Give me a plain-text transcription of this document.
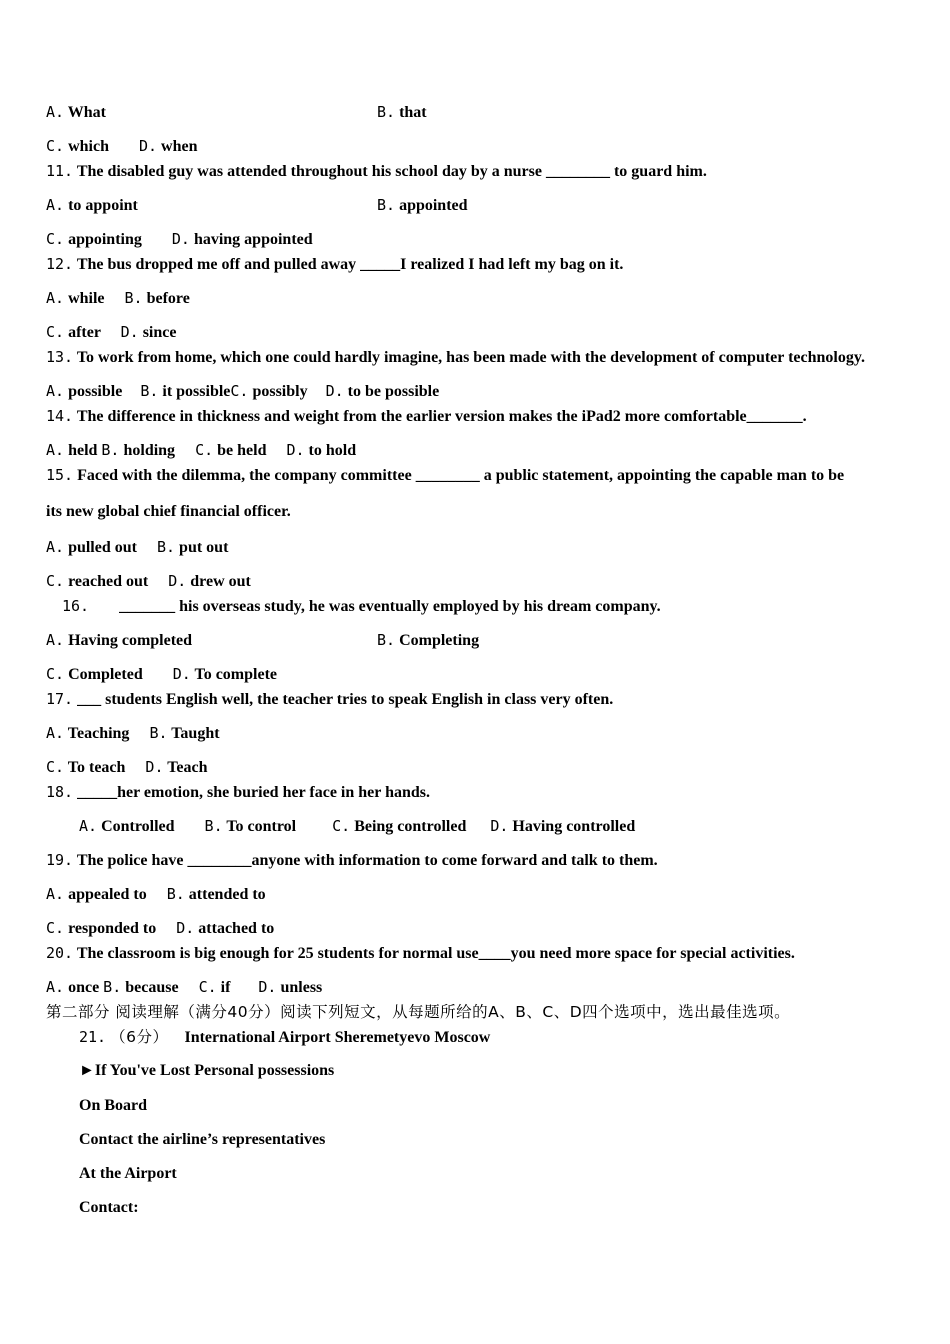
A. What	B. that
C. which D. when
11. The disabled guy was attended throughout his school day by a nurse ________ to guard him.
A. to appoint	B. appointed
C. appointing D. having appointed
12. The bus dropped me off and pulled away _____I realized I had left my bag on it.
A. while B. before
C. after D. since
13. To work from home, which one could hardly imagine, has been made with the development of computer technology.
A. possible B. it possibleC. possibly D. to be possible
14. The difference in thickness and weight from the earlier version makes the iPad2 more comfortable_______.
A. held B. holding C. be held D. to hold
15. Faced with the dilemma, the company committee ________ a public statement, appointing the capable man to be
its new global chief financial officer.
A. pulled out B. put out
C. reached out D. drew out
16. _______ his overseas study, he was eventually employed by his dream company.
A. Having completed	B. Completing
C. Completed D. To complete
17. ___ students English well, the teacher tries to speak English in class very often.
A. Teaching B. Taught
C. To teach D. Teach
18. _____her emotion, she buried her face in her hands.
A. Controlled B. To control C. Being controlled D. Having controlled
19. The police have ________anyone with information to come forward and talk to them.
A. appealed to B. attended to
C. responded to D. attached to
20. The classroom is big enough for 25 students for normal use____you need more space for special activities.
A. once B. because C. if D. unless
第二部分 阅读理解（满分40分）阅读下列短文，从每题所给的A、B、C、D四个选项中，选出最佳选项。
21. （6分） International Airport Sheremetyevo Moscow
►If You've Lost Personal possessions
On Board
Contact the airline’s representatives
At the Airport
Contact:
